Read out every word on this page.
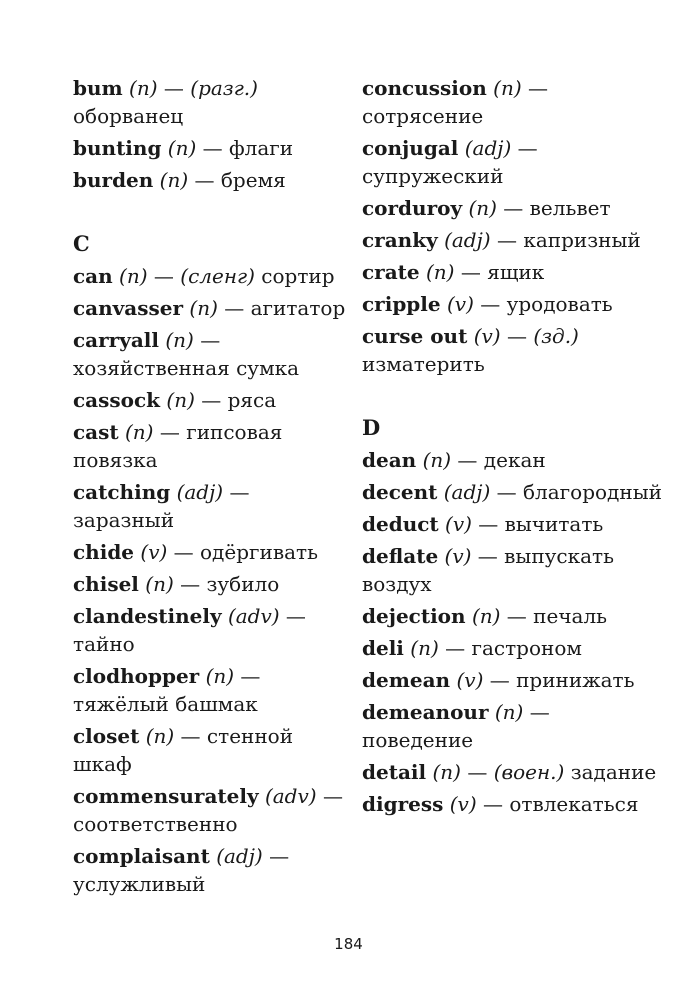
bum (n) — (разг.) оборванец
bunting (n) — флаги
burden (n) — бремя
C
can (n) — (сленг) сортир
canvasser (n) — агитатор
carryall (n) — хозяйственная сумка
cassock (n) — ряса
cast (n) — гипсовая повязка
catching (adj) — заразный
chide (v) — одёргивать
chisel (n) — зубило
clandestinely (adv) — тайно
clodhopper (n) — тяжёлый башмак
closet (n) — стенной шкаф
commensurately (adv) — соответственно
complaisant (adj) — услужливый
concussion (n) — сотрясение
conjugal (adj) — супружеский
corduroy (n) — вельвет
cranky (adj) — капризный
crate (n) — ящик
cripple (v) — уродовать
curse out (v) — (зд.) изматерить
D
dean (n) — декан
decent (adj) — благородный
deduct (v) — вычитать
deflate (v) — выпускать воздух
dejection (n) — печаль
deli (n) — гастроном
demean (v) — принижать
demeanour (n) — поведение
detail (n) — (воен.) задание
digress (v) — отвлекаться
184
